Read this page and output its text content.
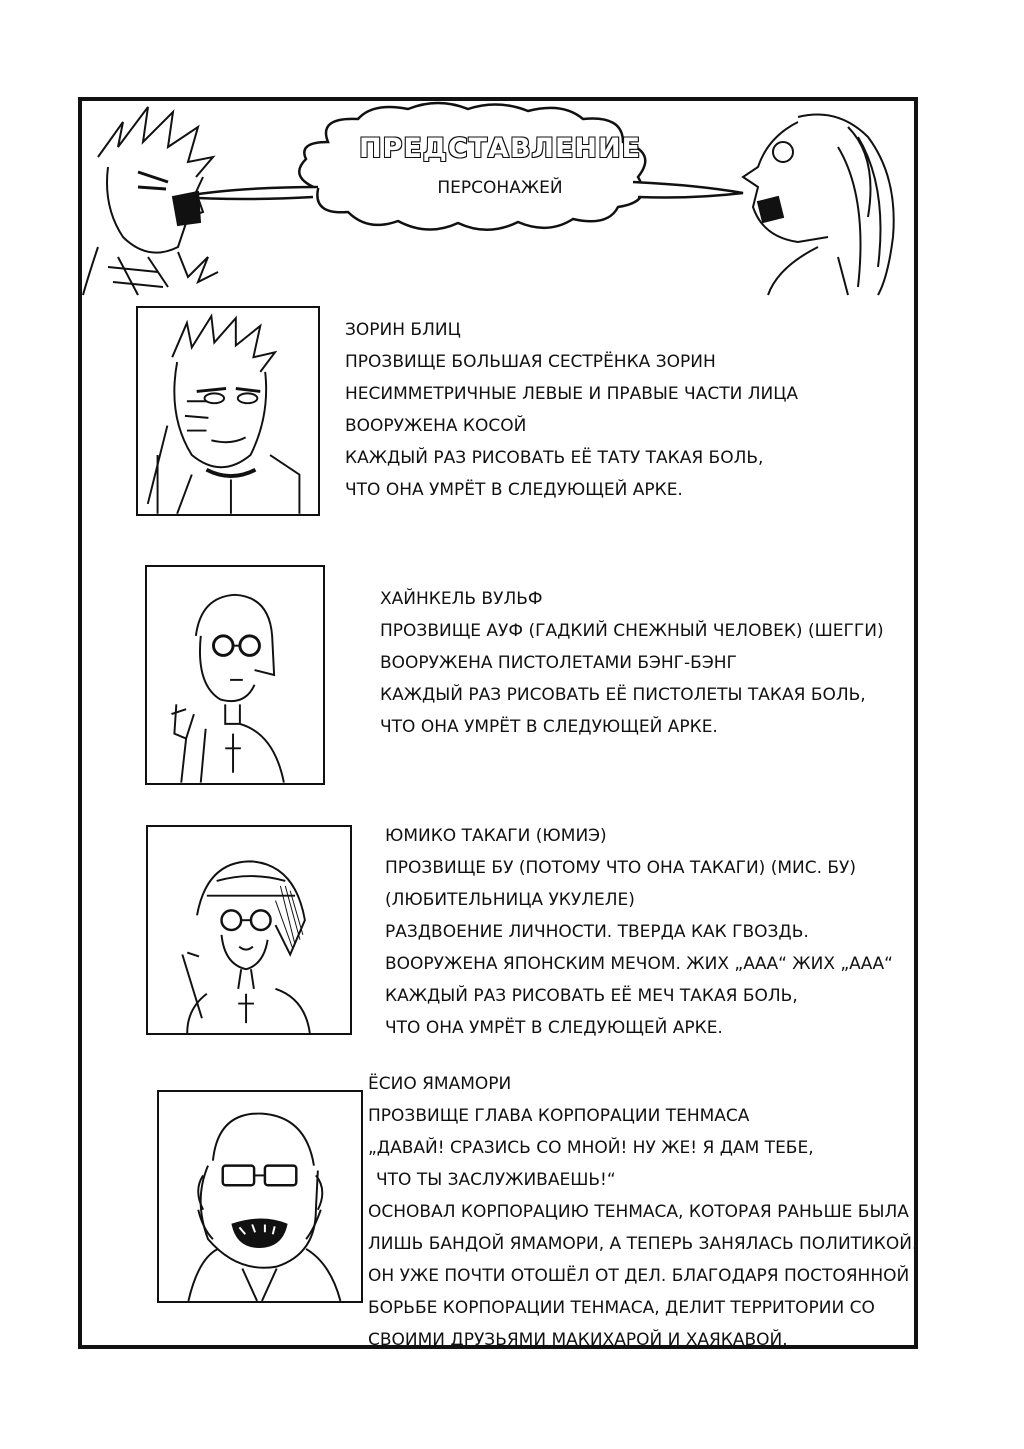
ПРЕДСТАВЛЕНИЕ
ПЕРСОНАЖЕЙ
ЗОРИН БЛИЦ
ПРОЗВИЩЕ БОЛЬШАЯ СЕСТРЁНКА ЗОРИН
НЕСИММЕТРИЧНЫЕ ЛЕВЫЕ И ПРАВЫЕ ЧАСТИ ЛИЦА
ВООРУЖЕНА КОСОЙ
КАЖДЫЙ РАЗ РИСОВАТЬ ЕЁ ТАТУ ТАКАЯ БОЛЬ,
ЧТО ОНА УМРЁТ В СЛЕДУЮЩЕЙ АРКЕ.
ХАЙНКЕЛЬ ВУЛЬФ
ПРОЗВИЩЕ АУФ (ГАДКИЙ СНЕЖНЫЙ ЧЕЛОВЕК) (ШЕГГИ)
ВООРУЖЕНА ПИСТОЛЕТАМИ БЭНГ-БЭНГ
КАЖДЫЙ РАЗ РИСОВАТЬ ЕЁ ПИСТОЛЕТЫ ТАКАЯ БОЛЬ,
ЧТО ОНА УМРЁТ В СЛЕДУЮЩЕЙ АРКЕ.
ЮМИКО ТАКАГИ (ЮМИЭ)
ПРОЗВИЩЕ БУ (ПОТОМУ ЧТО ОНА ТАКАГИ) (МИС. БУ)
(ЛЮБИТЕЛЬНИЦА УКУЛЕЛЕ)
РАЗДВОЕНИЕ ЛИЧНОСТИ. ТВЕРДА КАК ГВОЗДЬ.
ВООРУЖЕНА ЯПОНСКИМ МЕЧОМ. ЖИХ „ААА“ ЖИХ „ААА“
КАЖДЫЙ РАЗ РИСОВАТЬ ЕЁ МЕЧ ТАКАЯ БОЛЬ,
ЧТО ОНА УМРЁТ В СЛЕДУЮЩЕЙ АРКЕ.
ЁСИО ЯМАМОРИ
ПРОЗВИЩЕ ГЛАВА КОРПОРАЦИИ ТЕНМАСА
„ДАВАЙ! СРАЗИСЬ СО МНОЙ! НУ ЖЕ! Я ДАМ ТЕБЕ,
ЧТО ТЫ ЗАСЛУЖИВАЕШЬ!“
ОСНОВАЛ КОРПОРАЦИЮ ТЕНМАСА, КОТОРАЯ РАНЬШЕ БЫЛА
ЛИШЬ БАНДОЙ ЯМАМОРИ, А ТЕПЕРЬ ЗАНЯЛАСЬ ПОЛИТИКОЙ.
ОН УЖЕ ПОЧТИ ОТОШЁЛ ОТ ДЕЛ. БЛАГОДАРЯ ПОСТОЯННОЙ
БОРЬБЕ КОРПОРАЦИИ ТЕНМАСА, ДЕЛИТ ТЕРРИТОРИИ СО
СВОИМИ ДРУЗЬЯМИ МАКИХАРОЙ И ХАЯКАВОЙ.
